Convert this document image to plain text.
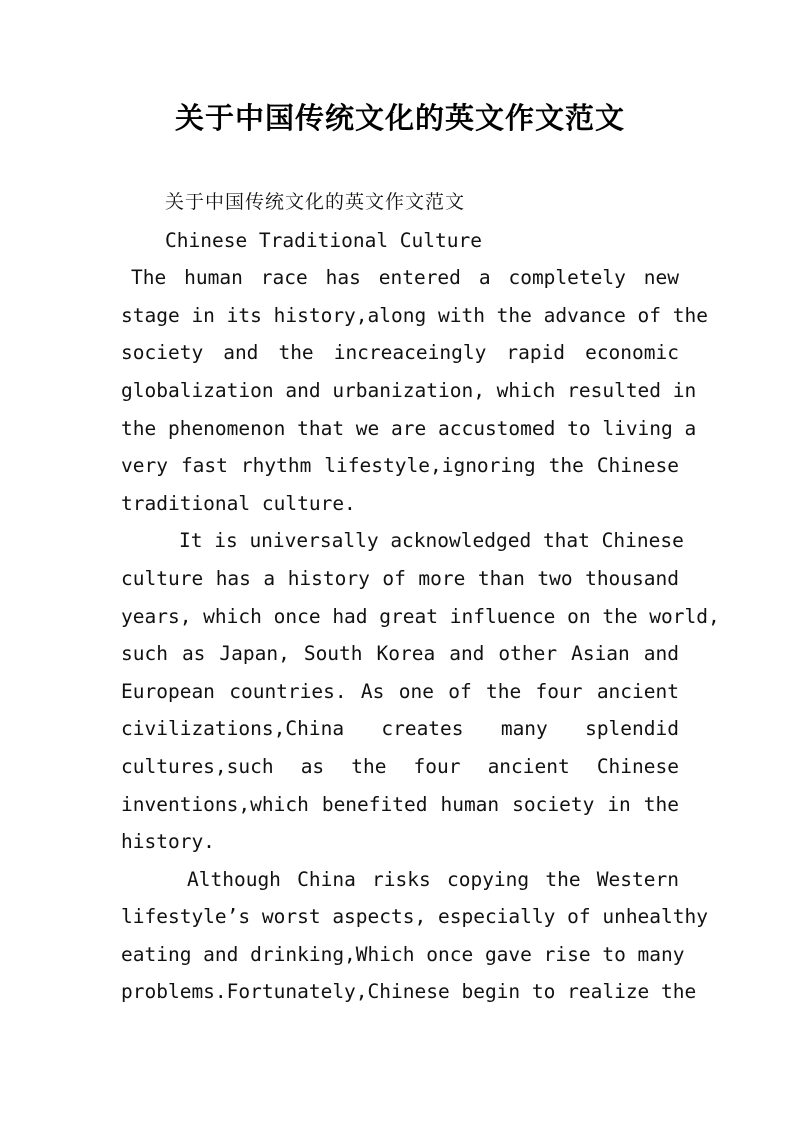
关于中国传统文化的英文作文范文

关于中国传统文化的英文作文范文

Chinese Traditional Culture

The human race has entered a completely new
stage in its history,along with the advance of the
society and the increaceingly rapid economic
globalization and urbanization, which resulted in
the phenomenon that we are accustomed to living a
very fast rhythm lifestyle,ignoring the Chinese
traditional culture.
It is universally acknowledged that Chinese
culture has a history of more than two thousand
years, which once had great influence on the world,
such as Japan, South Korea and other Asian and
European countries. As one of the four ancient
civilizations,China creates many splendid
cultures,such as the four ancient Chinese
inventions,which benefited human society in the
history.
Although China risks copying the Western
lifestyle’s worst aspects, especially of unhealthy
eating and drinking,Which once gave rise to many
problems.Fortunately,Chinese begin to realize the
